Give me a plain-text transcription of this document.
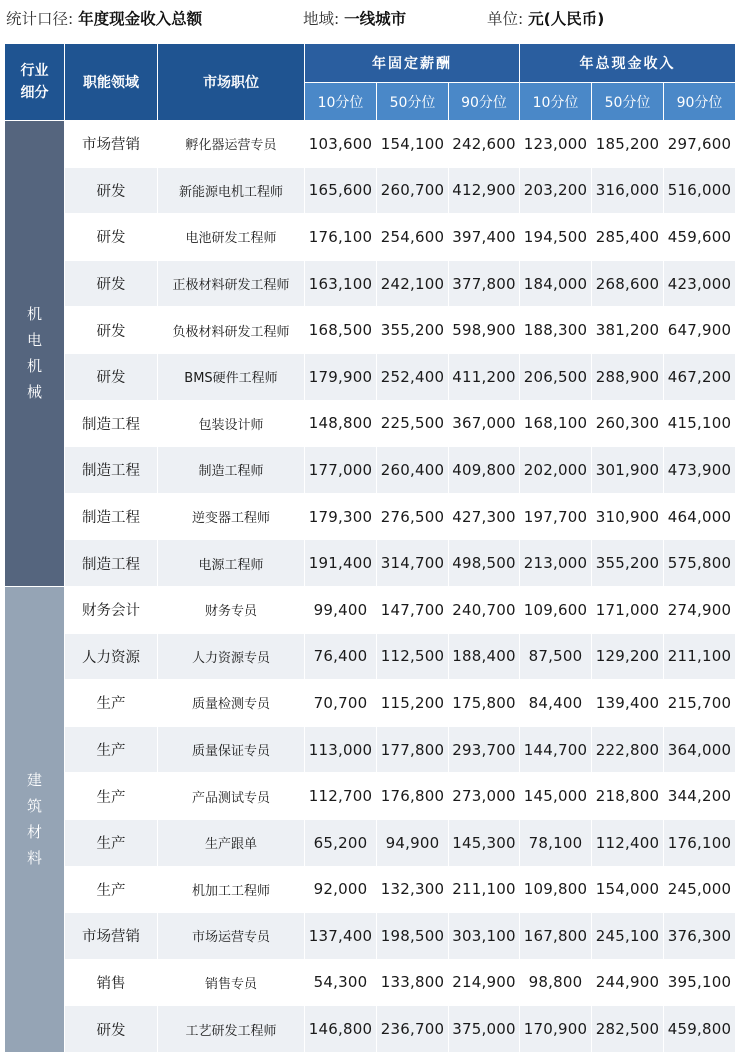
统计口径: 年度现金收入总额	地域: 一线城市	单位: 元(人民币)
行业细分	职能领域	市场职位	年固定薪酬			年总现金收入		
			10分位	50分位	90分位	10分位	50分位	90分位
机电机械	市场营销	孵化器运营专员	103,600	154,100	242,600	123,000	185,200	297,600
	研发	新能源电机工程师	165,600	260,700	412,900	203,200	316,000	516,000
	研发	电池研发工程师	176,100	254,600	397,400	194,500	285,400	459,600
	研发	正极材料研发工程师	163,100	242,100	377,800	184,000	268,600	423,000
	研发	负极材料研发工程师	168,500	355,200	598,900	188,300	381,200	647,900
	研发	BMS硬件工程师	179,900	252,400	411,200	206,500	288,900	467,200
	制造工程	包装设计师	148,800	225,500	367,000	168,100	260,300	415,100
	制造工程	制造工程师	177,000	260,400	409,800	202,000	301,900	473,900
	制造工程	逆变器工程师	179,300	276,500	427,300	197,700	310,900	464,000
	制造工程	电源工程师	191,400	314,700	498,500	213,000	355,200	575,800
建筑材料	财务会计	财务专员	99,400	147,700	240,700	109,600	171,000	274,900
	人力资源	人力资源专员	76,400	112,500	188,400	87,500	129,200	211,100
	生产	质量检测专员	70,700	115,200	175,800	84,400	139,400	215,700
	生产	质量保证专员	113,000	177,800	293,700	144,700	222,800	364,000
	生产	产品测试专员	112,700	176,800	273,000	145,000	218,800	344,200
	生产	生产跟单	65,200	94,900	145,300	78,100	112,400	176,100
	生产	机加工工程师	92,000	132,300	211,100	109,800	154,000	245,000
	市场营销	市场运营专员	137,400	198,500	303,100	167,800	245,100	376,300
	销售	销售专员	54,300	133,800	214,900	98,800	244,900	395,100
	研发	工艺研发工程师	146,800	236,700	375,000	170,900	282,500	459,800
